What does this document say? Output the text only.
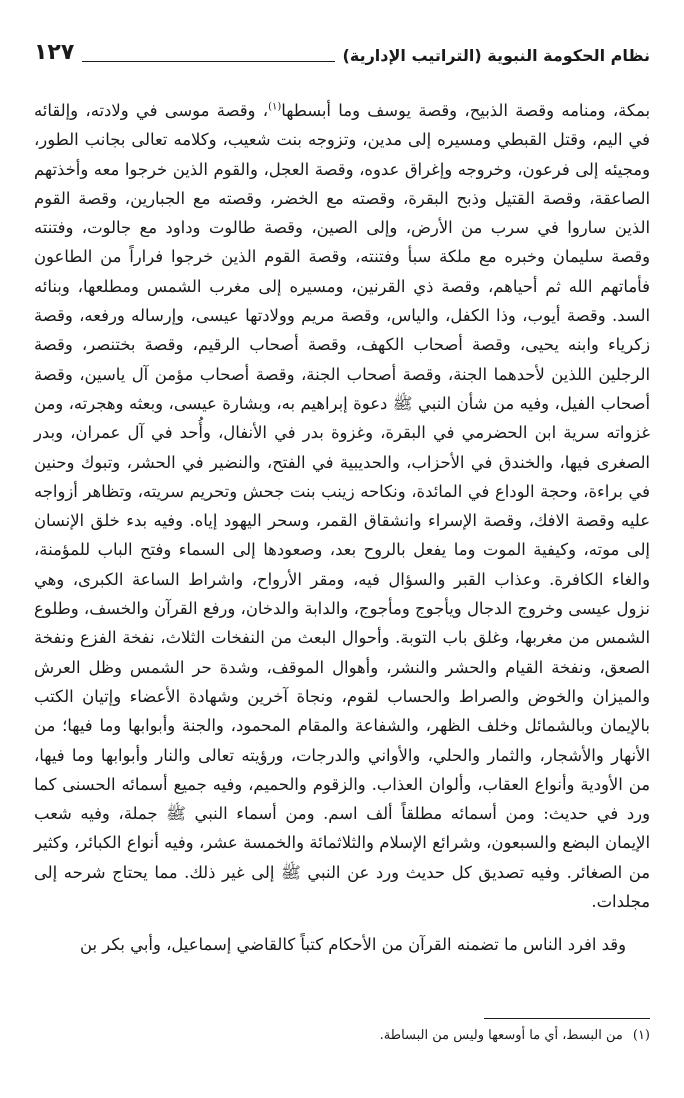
نظام الحكومة النبوية (التراتيب الإدارية)
١٢٧

بمكة، ومنامه وقصة الذبيح، وقصة يوسف وما أبسطها$^{(١)}$، وقصة موسى في ولادته، وإلقائه في اليم، وقتل القبطي ومسيره إلى مدين، وتزوجه بنت شعيب، وكلامه تعالى بجانب الطور، ومجيئه إلى فرعون، وخروجه وإغراق عدوه، وقصة العجل، والقوم الذين خرجوا معه وأخذتهم الصاعقة، وقصة القتيل وذبح البقرة، وقصته مع الخضر، وقصته مع الجبارين، وقصة القوم الذين ساروا في سرب من الأرض، وإلى الصين، وقصة طالوت وداود مع جالوت، وفتنته وقصة سليمان وخبره مع ملكة سبأ وفتنته، وقصة القوم الذين خرجوا فراراً من الطاعون فأماتهم الله ثم أحياهم، وقصة ذي القرنين، ومسيره إلى مغرب الشمس ومطلعها، وبنائه السد. وقصة أيوب، وذا الكفل، والياس، وقصة مريم وولادتها عيسى، وإرساله ورفعه، وقصة زكرياء وابنه يحيى، وقصة أصحاب الكهف، وقصة أصحاب الرقيم، وقصة بختنصر، وقصة الرجلين اللذين لأحدهما الجنة، وقصة أصحاب الجنة، وقصة أصحاب مؤمن آل ياسين، وقصة أصحاب الفيل، وفيه من شأن النبي ﷺ دعوة إبراهيم به، وبشارة عيسى، وبعثه وهجرته، ومن غزواته سرية ابن الحضرمي في البقرة، وغزوة بدر في الأنفال، وأُحد في آل عمران، وبدر الصغرى فيها، والخندق في الأحزاب، والحديبية في الفتح، والنضير في الحشر، وتبوك وحنين في براءة، وحجة الوداع في المائدة، ونكاحه زينب بنت جحش وتحريم سريته، وتظاهر أزواجه عليه وقصة الافك، وقصة الإسراء وانشقاق القمر، وسحر اليهود إياه. وفيه بدء خلق الإنسان إلى موته، وكيفية الموت وما يفعل بالروح بعد، وصعودها إلى السماء وفتح الباب للمؤمنة، والغاء الكافرة. وعذاب القبر والسؤال فيه، ومقر الأرواح، واشراط الساعة الكبرى، وهي نزول عيسى وخروج الدجال ويأجوج ومأجوج، والدابة والدخان، ورفع القرآن والخسف، وطلوع الشمس من مغربها، وغلق باب التوبة. وأحوال البعث من النفخات الثلاث، نفخة الفزع ونفخة الصعق، ونفخة القيام والحشر والنشر، وأهوال الموقف، وشدة حر الشمس وظل العرش والميزان والخوض والصراط والحساب لقوم، ونجاة آخرين وشهادة الأعضاء وإتيان الكتب بالإيمان وبالشمائل وخلف الظهر، والشفاعة والمقام المحمود، والجنة وأبوابها وما فيها؛ من الأنهار والأشجار، والثمار والحلي، والأواني والدرجات، ورؤيته تعالى والنار وأبوابها وما فيها، من الأودية وأنواع العقاب، وألوان العذاب. والزقوم والحميم، وفيه جميع أسمائه الحسنى كما ورد في حديث: ومن أسمائه مطلقاً ألف اسم. ومن أسماء النبي ﷺ جملة، وفيه شعب الإيمان البضع والسبعون، وشرائع الإسلام والثلاثمائة والخمسة عشر، وفيه أنواع الكبائر، وكثير من الصغائر. وفيه تصديق كل حديث ورد عن النبي ﷺ إلى غير ذلك. مما يحتاج شرحه إلى مجلدات.

وقد افرد الناس ما تضمنه القرآن من الأحكام كتباً كالقاضي إسماعيل، وأبي بكر بن

(١)من البسط، أي ما أوسعها وليس من البساطة.
